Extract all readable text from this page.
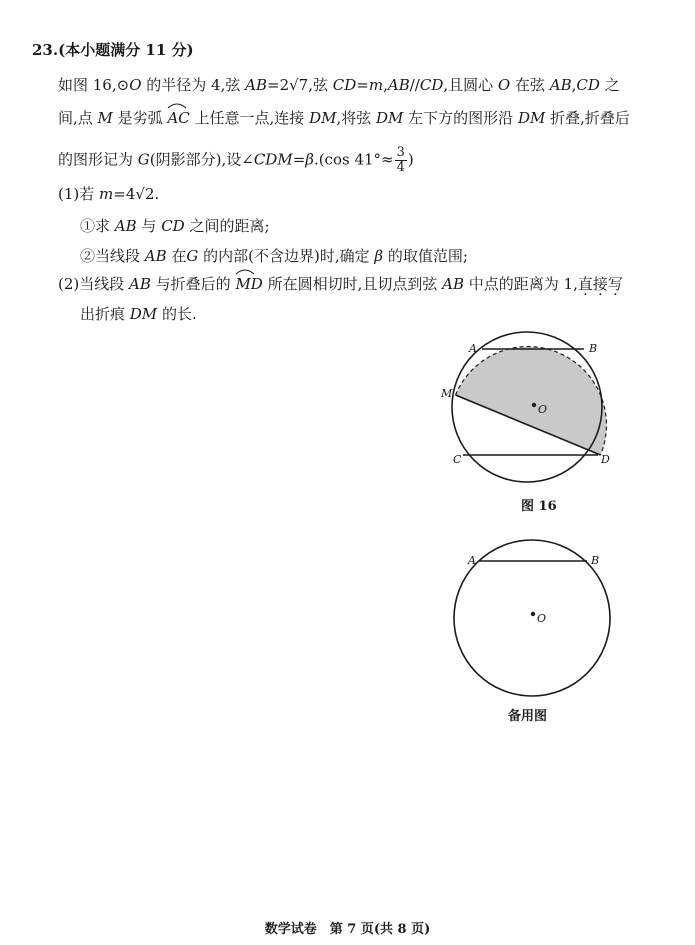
23.(本小题满分 11 分)
如图 16,⊙O 的半径为 4,弦 AB=2√7,弦 CD=m,AB//CD,且圆心 O 在弦 AB,CD 之
间,点 M 是劣弧
AC 上任意一点,连接 DM,将弦 DM 左下方的图形沿 DM 折叠,折叠后
的图形记为 G(阴影部分),设∠CDM=β.(cos $41^\circ\approx \frac{3}{4}$ )
(1)若 m=4√2.
①求 AB 与 CD 之间的距离;
②当线段 AB 在G 的内部(不含边界)时,确定 β 的取值范围;
(2)当线段 AB 与折叠后的
MD 所在圆相切时,且切点到弦 AB 中点的距离为 1,直接写
出折痕 DM 的长.
A	B
M
O
C	D
图 16
A	B
O
备用图
数学试卷　第 7 页(共 8 页)
